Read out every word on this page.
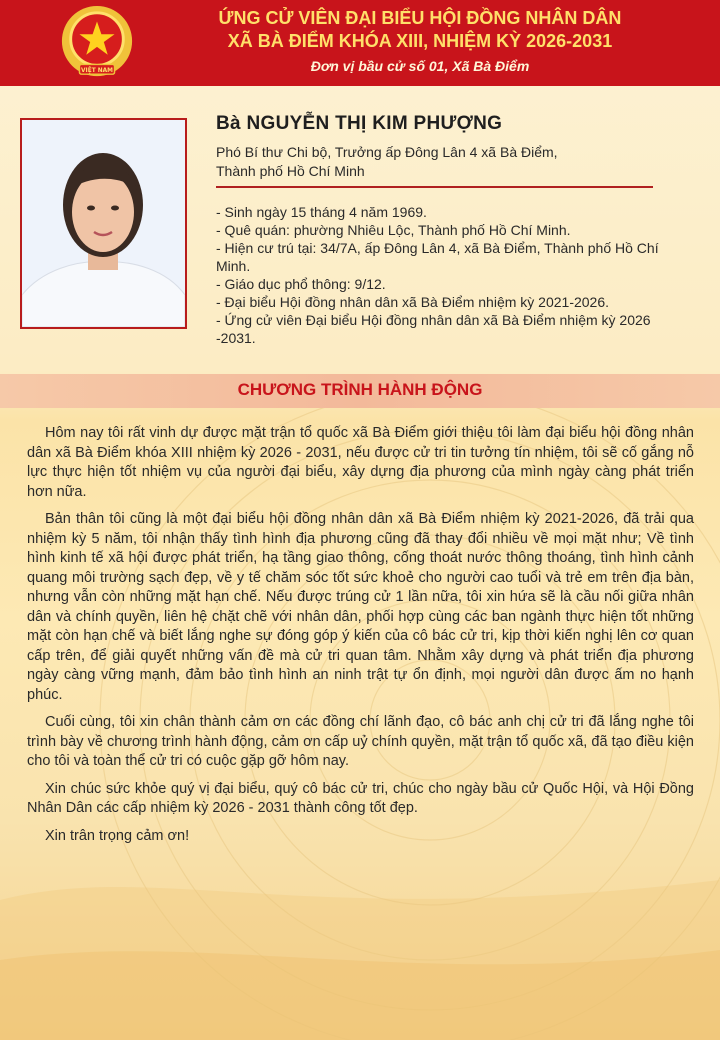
VIỆT NAM
ỨNG CỬ VIÊN ĐẠI BIỂU HỘI ĐỒNG NHÂN DÂN
XÃ BÀ ĐIỂM KHÓA XIII, NHIỆM KỲ 2026-2031
Đơn vị bầu cử số 01, Xã Bà Điểm
Bà NGUYỄN THỊ KIM PHƯỢNG
Phó Bí thư Chi bộ, Trưởng ấp Đông Lân 4 xã Bà Điểm,
Thành phố Hồ Chí Minh
- Sinh ngày 15 tháng 4 năm 1969.
- Quê quán: phường Nhiêu Lộc, Thành phố Hồ Chí Minh.
- Hiện cư trú tại: 34/7A, ấp Đông Lân 4, xã Bà Điểm, Thành phố Hồ Chí Minh.
- Giáo dục phổ thông: 9/12.
- Đại biểu Hội đồng nhân dân xã Bà Điểm nhiệm kỳ 2021-2026.
- Ứng cử viên Đại biểu Hội đồng nhân dân xã Bà Điểm nhiệm kỳ 2026 -2031.
CHƯƠNG TRÌNH HÀNH ĐỘNG

Hôm nay tôi rất vinh dự được mặt trận tổ quốc xã Bà Điểm giới thiệu tôi làm đại biểu hội đồng nhân dân xã Bà Điểm khóa XIII nhiệm kỳ 2026 - 2031, nếu được cử tri tin tưởng tín nhiệm, tôi sẽ cố gắng nỗ lực thực hiện tốt nhiệm vụ của người đại biểu, xây dựng địa phương của mình ngày càng phát triển hơn nữa.

Bản thân tôi cũng là một đại biểu hội đồng nhân dân xã Bà Điểm nhiệm kỳ 2021-2026, đã trải qua nhiệm kỳ 5 năm, tôi nhận thấy tình hình địa phương cũng đã thay đổi nhiều về mọi mặt như; Về tình hình kinh tế xã hội được phát triển, hạ tầng giao thông, cống thoát nước thông thoáng, tình hình cảnh quang môi trường sạch đẹp, về y tế chăm sóc tốt sức khoẻ cho người cao tuổi và trẻ em trên địa bàn, nhưng vẫn còn những mặt hạn chế. Nếu được trúng cử 1 lần nữa, tôi xin hứa sẽ là cầu nối giữa nhân dân và chính quyền, liên hệ chặt chẽ với nhân dân, phối hợp cùng các ban ngành thực hiện tốt những mặt còn hạn chế và biết lắng nghe sự đóng góp ý kiến của cô bác cử tri, kịp thời kiến nghị lên cơ quan cấp trên, để giải quyết những vấn đề mà cử tri quan tâm. Nhằm xây dựng và phát triển địa phương ngày càng vững mạnh, đảm bảo tình hình an ninh trật tự ổn định, mọi người dân được ấm no hạnh phúc.

Cuối cùng, tôi xin chân thành cảm ơn các đồng chí lãnh đạo, cô bác anh chị cử tri đã lắng nghe tôi trình bày về chương trình hành động, cảm ơn cấp uỷ chính quyền, mặt trận tổ quốc xã, đã tạo điều kiện cho tôi và toàn thể cử tri có cuộc gặp gỡ hôm nay.

Xin chúc sức khỏe quý vị đại biểu, quý cô bác cử tri, chúc cho ngày bầu cử Quốc Hội, và Hội Đồng Nhân Dân các cấp nhiệm kỳ 2026 - 2031 thành công tốt đẹp.

Xin trân trọng cảm ơn!
